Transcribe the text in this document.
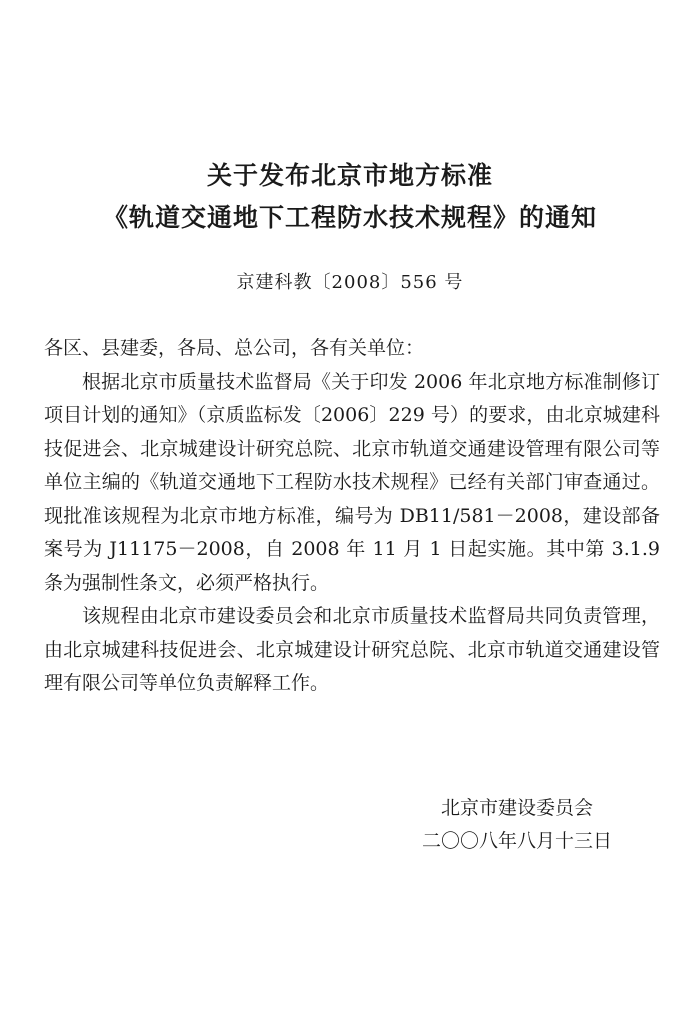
关于发布北京市地方标准
《轨道交通地下工程防水技术规程》的通知
京建科教〔2008〕556 号

各区、县建委，各局、总公司，各有关单位：

根据北京市质量技术监督局《关于印发 2006 年北京地方标准制修订项目计划的通知》（京质监标发〔2006〕229 号）的要求，由北京城建科技促进会、北京城建设计研究总院、北京市轨道交通建设管理有限公司等单位主编的《轨道交通地下工程防水技术规程》已经有关部门审查通过。现批准该规程为北京市地方标准，编号为 DB11/581－2008，建设部备案号为 J11175－2008，自 2008 年 11 月 1 日起实施。其中第 3.1.9 条为强制性条文，必须严格执行。

该规程由北京市建设委员会和北京市质量技术监督局共同负责管理，由北京城建科技促进会、北京城建设计研究总院、北京市轨道交通建设管理有限公司等单位负责解释工作。

北京市建设委员会
二〇〇八年八月十三日
